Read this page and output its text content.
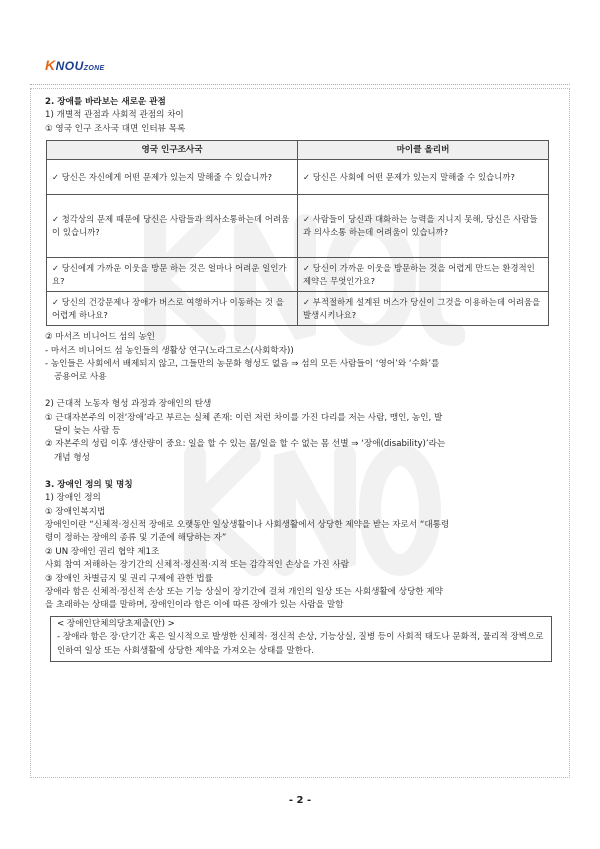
KNOUZONE

2. 장애를 바라보는 새로운 관점

1) 개별적 관점과 사회적 관점의 차이

① 영국 인구 조사국 대면 인터뷰 목록

영국 인구조사국	마이클 올리버
✓ 당신은 자신에게 어떤 문제가 있는지 말해줄 수 있습니까?	✓ 당신은 사회에 어떤 문제가 있는지 말해줄 수 있습니까?
✓ 청각상의 문제 때문에 당신은 사람들과 의사소통하는데 어려움이 있습니까?	✓ 사람들이 당신과 대화하는 능력을 지니지 못해, 당신은 사람들과 의사소통 하는데 어려움이 있습니까?
✓ 당신에게 가까운 이웃을 방문 하는 것은 얼마나 어려운 일인가요?	✓ 당신이 가까운 이웃을 방문하는 것을 어렵게 만드는 환경적인 제약은 무엇인가요?
✓ 당신의 건강문제나 장애가 버스로 여행하거나 이동하는 것 을 어렵게 하나요?	✓ 부적절하게 설계된 버스가 당신이 그것을 이용하는데 어려움을 발생시키나요?

② 마서즈 비니어드 섬의 농인

- 마서즈 비니어드 섬 농인들의 생활상 연구(노라그로스(사회학자))

- 농인들은 사회에서 배제되지 않고, 그들만의 농문화 형성도 없음 ⇒ 섬의 모든 사람들이 ‘영어’와 ‘수화’를

공용어로 사용

2) 근대적 노동자 형성 과정과 장애인의 탄생

① 근대자본주의 이전‘장애’라고 부르는 실체 존재: 이런 저런 차이를 가진 다리를 저는 사람, 맹인, 농인, 발

달이 늦는 사람 등

② 자본주의 성립 이후 생산량이 중요: 일을 할 수 있는 몸/일을 할 수 없는 몸 선별 ⇒ ‘장애(disability)’라는

개념 형성

3. 장애인 정의 및 명칭

1) 장애인 정의

① 장애인복지법

장애인이란 “신체적·정신적 장애로 오랫동안 일상생활이나 사회생활에서 상당한 제약을 받는 자로서 “대통령

령이 정하는 장애의 종류 및 기준에 해당하는 자”

② UN 장애인 권리 협약 제1조

사회 참여 저해하는 장기간의 신체적·정신적·지적 또는 감각적인 손상을 가진 사람

③ 장애인 차별금지 및 권리 구제에 관한 법률

장애라 함은 신체적·정신적 손상 또는 기능 상실이 장기간에 걸쳐 개인의 일상 또는 사회생활에 상당한 제약

을 초래하는 상태를 말하며, 장애인이라 함은 이에 따른 장애가 있는 사람을 말함

< 장애인단체의당초제출(안) >

- 장애라 함은 장·단기간 혹은 일시적으로 발생한 신체적· 정신적 손상, 기능상실, 질병 등이 사회적 태도나 문화적, 물리적 장벽으로 인하여 일상 또는 사회생활에 상당한 제약을 가져오는 상태를 말한다.

- 2 -
